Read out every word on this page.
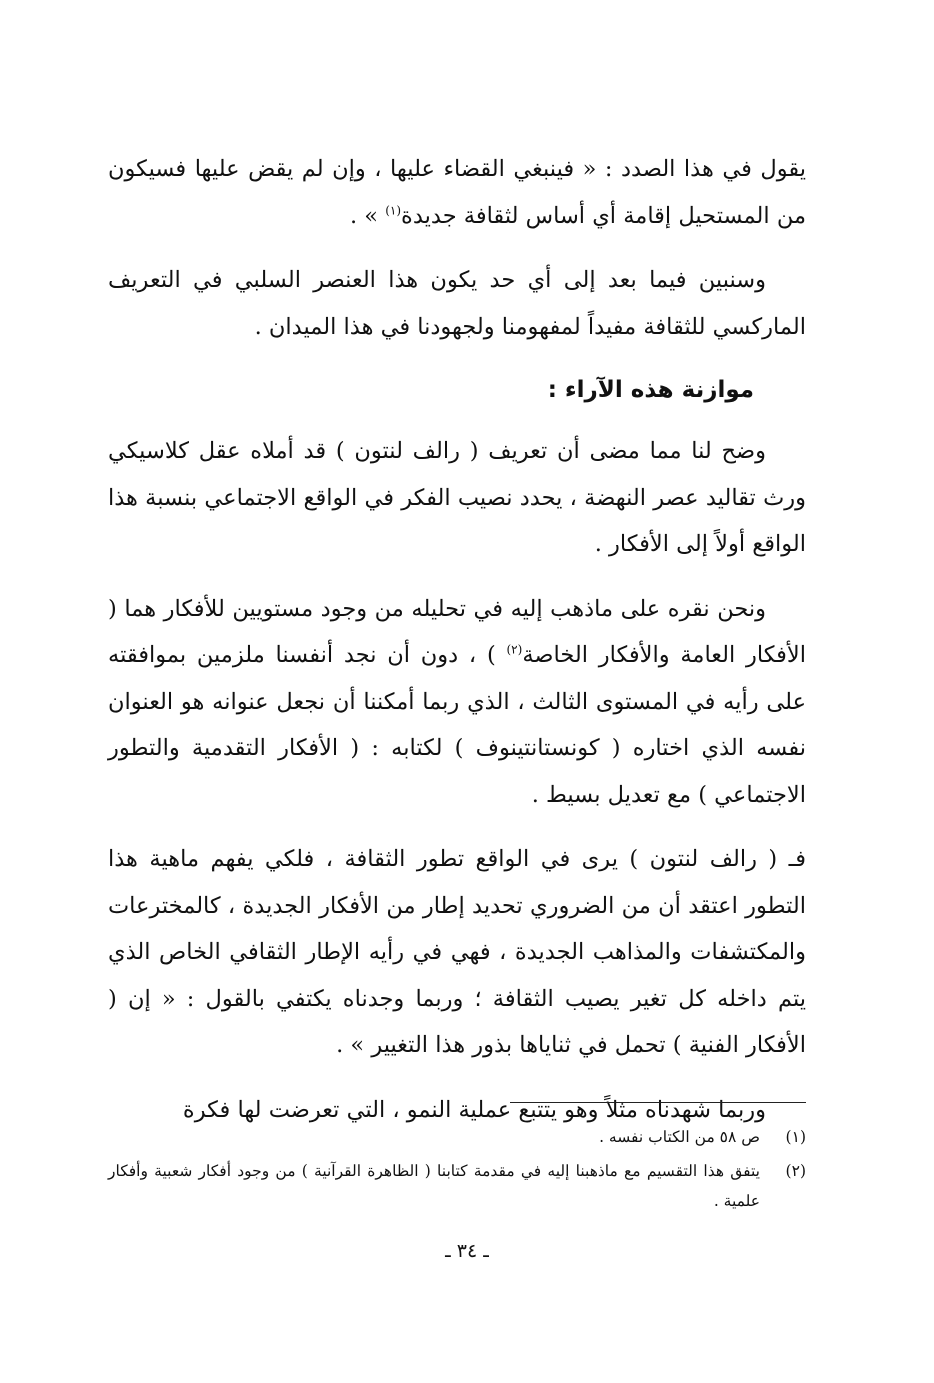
يقول في هذا الصدد : « فينبغي القضاء عليها ، وإن لم يقض عليها فسيكون من المستحيل إقامة أي أساس لثقافة جديدة$^{(١)}$ » .

وسنبين فيما بعد إلى أي حد يكون هذا العنصر السلبي في التعريف الماركسي للثقافة مفيداً لمفهومنا ولجهودنا في هذا الميدان .

موازنة هذه الآراء :

وضح لنا مما مضى أن تعريف ( رالف لنتون ) قد أملاه عقل كلاسيكي ورث تقاليد عصر النهضة ، يحدد نصيب الفكر في الواقع الاجتماعي بنسبة هذا الواقع أولاً إلى الأفكار .

ونحن نقره على ماذهب إليه في تحليله من وجود مستويين للأفكار هما ( الأفكار العامة والأفكار الخاصة$^{(٢)}$ ) ، دون أن نجد أنفسنا ملزمين بموافقته على رأيه في المستوى الثالث ، الذي ربما أمكننا أن نجعل عنوانه هو العنوان نفسه الذي اختاره ( كونستانتينوف ) لكتابه : ( الأفكار التقدمية والتطور الاجتماعي ) مع تعديل بسيط .

فـ ( رالف لنتون ) يرى في الواقع تطور الثقافة ، فلكي يفهم ماهية هذا التطور اعتقد أن من الضروري تحديد إطار من الأفكار الجديدة ، كالمخترعات والمكتشفات والمذاهب الجديدة ، فهي في رأيه الإطار الثقافي الخاص الذي يتم داخله كل تغير يصيب الثقافة ؛ وربما وجدناه يكتفي بالقول : « إن ( الأفكار الفنية ) تحمل في ثناياها بذور هذا التغيير » .

وربما شهدناه مثلاً وهو يتتبع عملية النمو ، التي تعرضت لها فكرة

(١)
ص ٥٨ من الكتاب نفسه .
(٢)
يتفق هذا التقسيم مع ماذهبنا إليه في مقدمة كتابنا ( الظاهرة القرآنية ) من وجود أفكار شعبية وأفكار علمية .
ـ ٣٤ ـ
